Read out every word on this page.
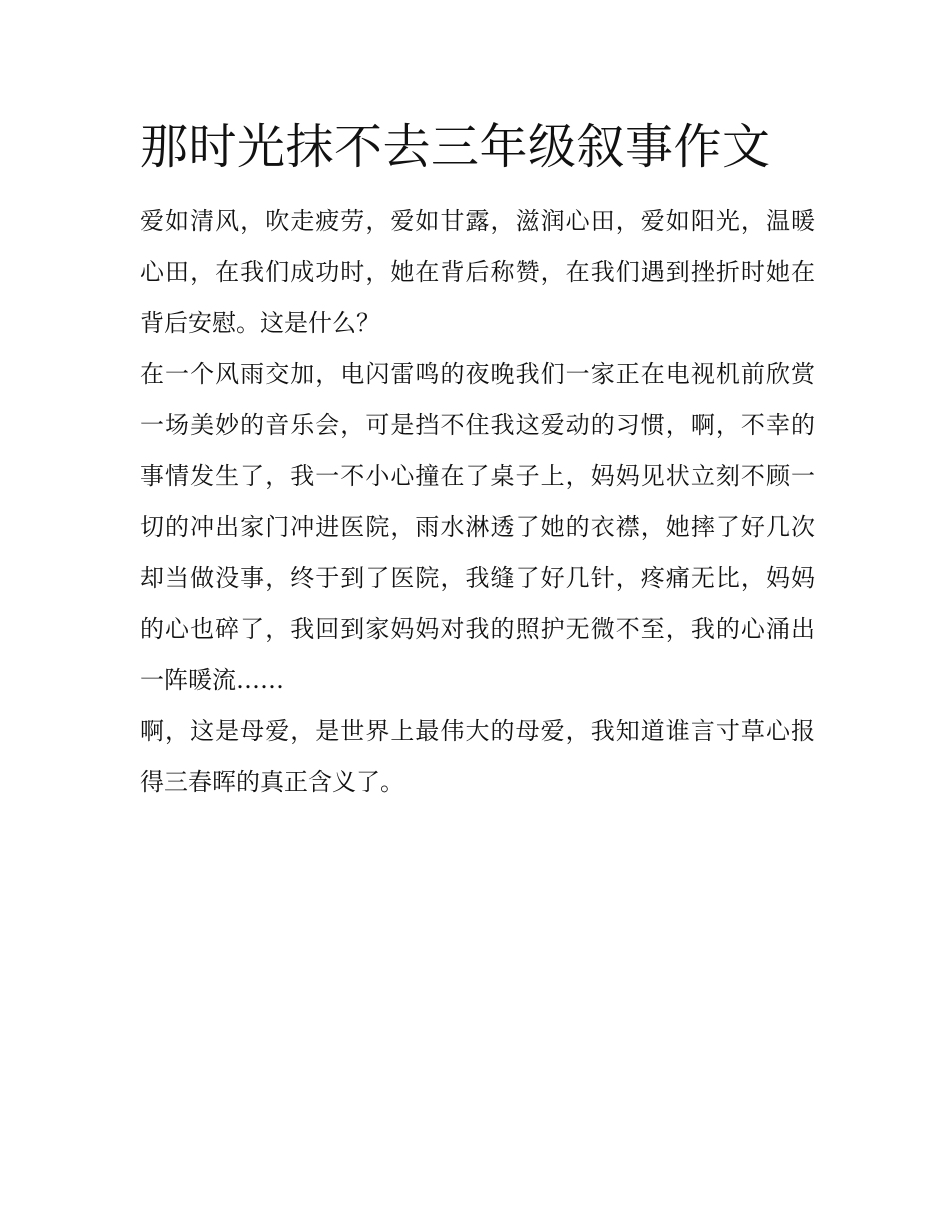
那时光抹不去三年级叙事作文

爱如清风，吹走疲劳，爱如甘露，滋润心田，爱如阳光，温暖
心田，在我们成功时，她在背后称赞，在我们遇到挫折时她在
背后安慰。这是什么？

在一个风雨交加，电闪雷鸣的夜晚我们一家正在电视机前欣赏
一场美妙的音乐会，可是挡不住我这爱动的习惯，啊，不幸的
事情发生了，我一不小心撞在了桌子上，妈妈见状立刻不顾一
切的冲出家门冲进医院，雨水淋透了她的衣襟，她摔了好几次
却当做没事，终于到了医院，我缝了好几针，疼痛无比，妈妈
的心也碎了，我回到家妈妈对我的照护无微不至，我的心涌出
一阵暖流……

啊，这是母爱，是世界上最伟大的母爱，我知道谁言寸草心报
得三春晖的真正含义了。
